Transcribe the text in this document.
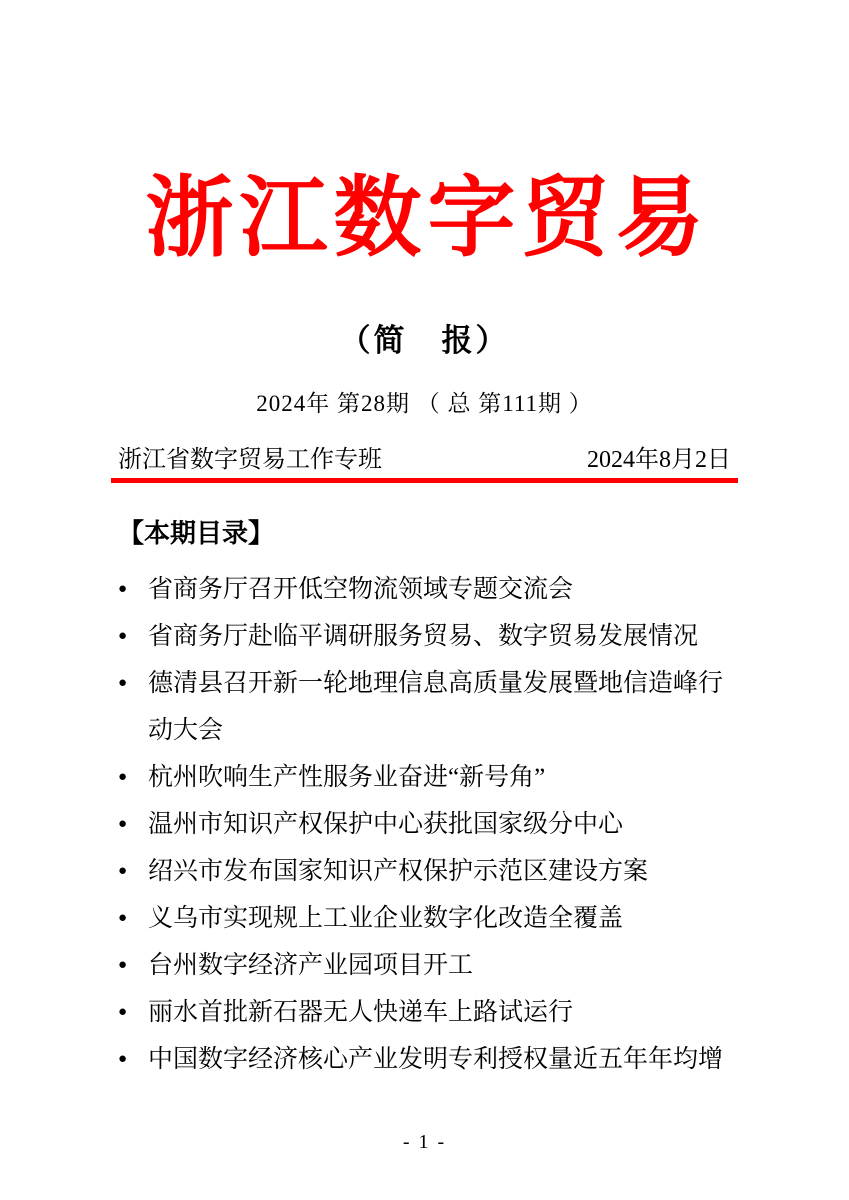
浙江数字贸易
（简　报）
2024年 第28期 （ 总 第111期 ）
浙江省数字贸易工作专班	2024年8月2日
【本期目录】
● 省商务厅召开低空物流领域专题交流会
● 省商务厅赴临平调研服务贸易、数字贸易发展情况
● 德清县召开新一轮地理信息高质量发展暨地信造峰行动大会
● 杭州吹响生产性服务业奋进“新号角”
● 温州市知识产权保护中心获批国家级分中心
● 绍兴市发布国家知识产权保护示范区建设方案
● 义乌市实现规上工业企业数字化改造全覆盖
● 台州数字经济产业园项目开工
● 丽水首批新石器无人快递车上路试运行
● 中国数字经济核心产业发明专利授权量近五年年均增
- 1 -
